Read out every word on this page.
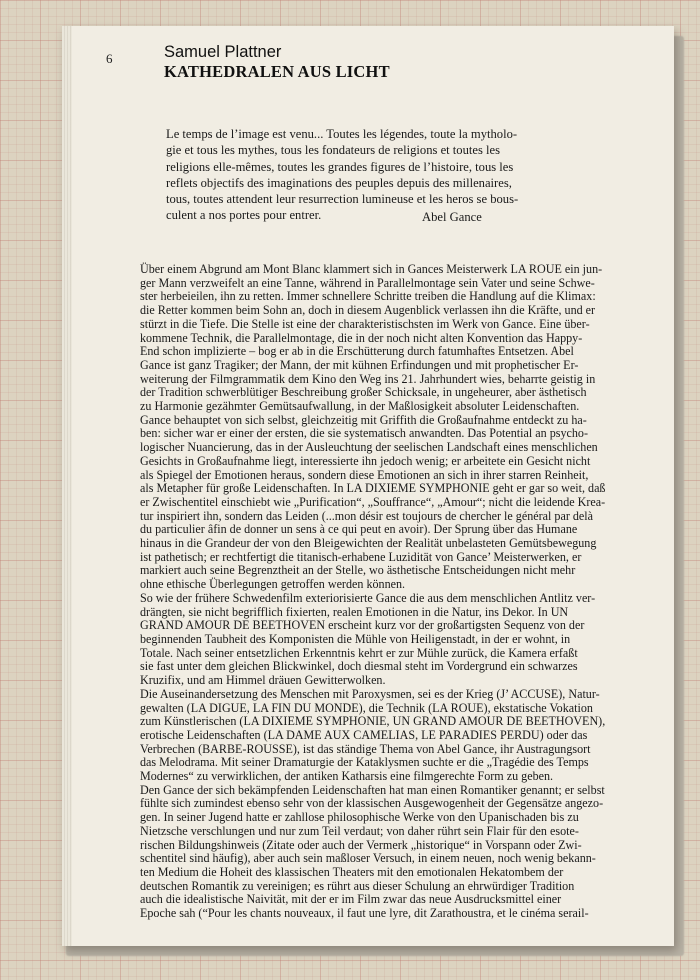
6	Samuel Plattner
KATHEDRALEN AUS LICHT

Le temps de l’image est venu... Toutes les légendes, toute la mytholo-

gie et tous les mythes, tous les fondateurs de religions et toutes les

religions elle-mêmes, toutes les grandes figures de l’histoire, tous les

reflets objectifs des imaginations des peuples depuis des millenaires,

tous, toutes attendent leur resurrection lumineuse et les heros se bous-

culent a nos portes pour entrer.	Abel Gance

Über einem Abgrund am Mont Blanc klammert sich in Gances Meisterwerk LA ROUE ein jun-

ger Mann verzweifelt an eine Tanne, während in Parallelmontage sein Vater und seine Schwe-

ster herbeieilen, ihn zu retten. Immer schnellere Schritte treiben die Handlung auf die Klimax:

die Retter kommen beim Sohn an, doch in diesem Augenblick verlassen ihn die Kräfte, und er

stürzt in die Tiefe. Die Stelle ist eine der charakteristischsten im Werk von Gance. Eine über-

kommene Technik, die Parallelmontage, die in der noch nicht alten Konvention das Happy-

End schon implizierte – bog er ab in die Erschütterung durch fatumhaftes Entsetzen. Abel

Gance ist ganz Tragiker; der Mann, der mit kühnen Erfindungen und mit prophetischer Er-

weiterung der Filmgrammatik dem Kino den Weg ins 21. Jahrhundert wies, beharrte geistig in

der Tradition schwerblütiger Beschreibung großer Schicksale, in ungeheurer, aber ästhetisch

zu Harmonie gezähmter Gemütsaufwallung, in der Maßlosigkeit absoluter Leidenschaften.

Gance behauptet von sich selbst, gleichzeitig mit Griffith die Großaufnahme entdeckt zu ha-

ben: sicher war er einer der ersten, die sie systematisch anwandten. Das Potential an psycho-

logischer Nuancierung, das in der Ausleuchtung der seelischen Landschaft eines menschlichen

Gesichts in Großaufnahme liegt, interessierte ihn jedoch wenig; er arbeitete ein Gesicht nicht

als Spiegel der Emotionen heraus, sondern diese Emotionen an sich in ihrer starren Reinheit,

als Metapher für große Leidenschaften. In LA DIXIEME SYMPHONIE geht er gar so weit, daß

er Zwischentitel einschiebt wie „Purification“, „Souffrance“, „Amour“; nicht die leidende Krea-

tur inspiriert ihn, sondern das Leiden (...mon désir est toujours de chercher le général par delà

du particulier âfin de donner un sens à ce qui peut en avoir). Der Sprung über das Humane

hinaus in die Grandeur der von den Bleigewichten der Realität unbelasteten Gemütsbewegung

ist pathetisch; er rechtfertigt die titanisch-erhabene Luzidität von Gance’ Meisterwerken, er

markiert auch seine Begrenztheit an der Stelle, wo ästhetische Entscheidungen nicht mehr

ohne ethische Überlegungen getroffen werden können.

So wie der frühere Schwedenfilm exteriorisierte Gance die aus dem menschlichen Antlitz ver-

drängten, sie nicht begrifflich fixierten, realen Emotionen in die Natur, ins Dekor. In UN

GRAND AMOUR DE BEETHOVEN erscheint kurz vor der großartigsten Sequenz von der

beginnenden Taubheit des Komponisten die Mühle von Heiligenstadt, in der er wohnt, in

Totale. Nach seiner entsetzlichen Erkenntnis kehrt er zur Mühle zurück, die Kamera erfaßt

sie fast unter dem gleichen Blickwinkel, doch diesmal steht im Vordergrund ein schwarzes

Kruzifix, und am Himmel dräuen Gewitterwolken.

Die Auseinandersetzung des Menschen mit Paroxysmen, sei es der Krieg (J’ ACCUSE), Natur-

gewalten (LA DIGUE, LA FIN DU MONDE), die Technik (LA ROUE), ekstatische Vokation

zum Künstlerischen (LA DIXIEME SYMPHONIE, UN GRAND AMOUR DE BEETHOVEN),

erotische Leidenschaften (LA DAME AUX CAMELIAS, LE PARADIES PERDU) oder das

Verbrechen (BARBE-ROUSSE), ist das ständige Thema von Abel Gance, ihr Austragungsort

das Melodrama. Mit seiner Dramaturgie der Kataklysmen suchte er die „Tragédie des Temps

Modernes“ zu verwirklichen, der antiken Katharsis eine filmgerechte Form zu geben.

Den Gance der sich bekämpfenden Leidenschaften hat man einen Romantiker genannt; er selbst

fühlte sich zumindest ebenso sehr von der klassischen Ausgewogenheit der Gegensätze angezo-

gen. In seiner Jugend hatte er zahllose philosophische Werke von den Upanischaden bis zu

Nietzsche verschlungen und nur zum Teil verdaut; von daher rührt sein Flair für den esote-

rischen Bildungshinweis (Zitate oder auch der Vermerk „historique“ in Vorspann oder Zwi-

schentitel sind häufig), aber auch sein maßloser Versuch, in einem neuen, noch wenig bekann-

ten Medium die Hoheit des klassischen Theaters mit den emotionalen Hekatombem der

deutschen Romantik zu vereinigen; es rührt aus dieser Schulung an ehrwürdiger Tradition

auch die idealistische Naivität, mit der er im Film zwar das neue Ausdrucksmittel einer

Epoche sah (“Pour les chants nouveaux, il faut une lyre, dit Zarathoustra, et le cinéma serail-
